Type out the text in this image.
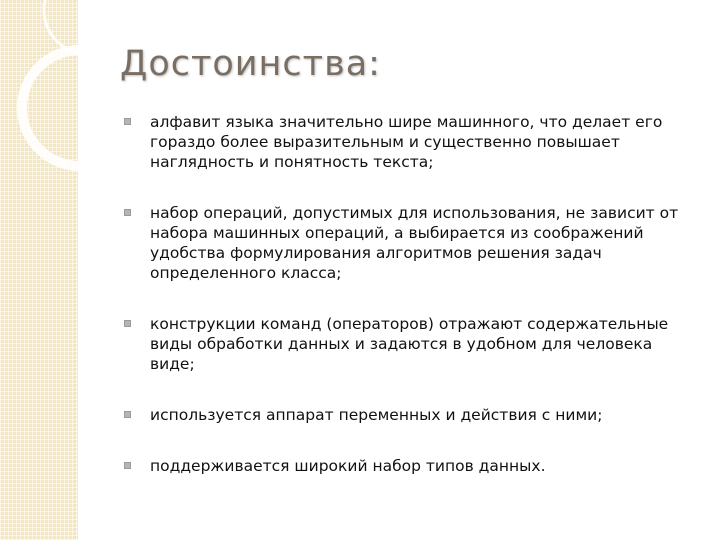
Достоинства:
алфавит языка значительно шире машинного, что делает его гораздо более выразительным и существенно повышает наглядность и понятность текста;
набор операций, допустимых для использования, не зависит от набора машинных операций, а выбирается из соображений удобства формулирования алгоритмов решения задач определенного класса;
конструкции команд (операторов) отражают содержательные виды обработки данных и задаются в удобном для человека виде;
используется аппарат переменных и действия с ними;
поддерживается широкий набор типов данных.
